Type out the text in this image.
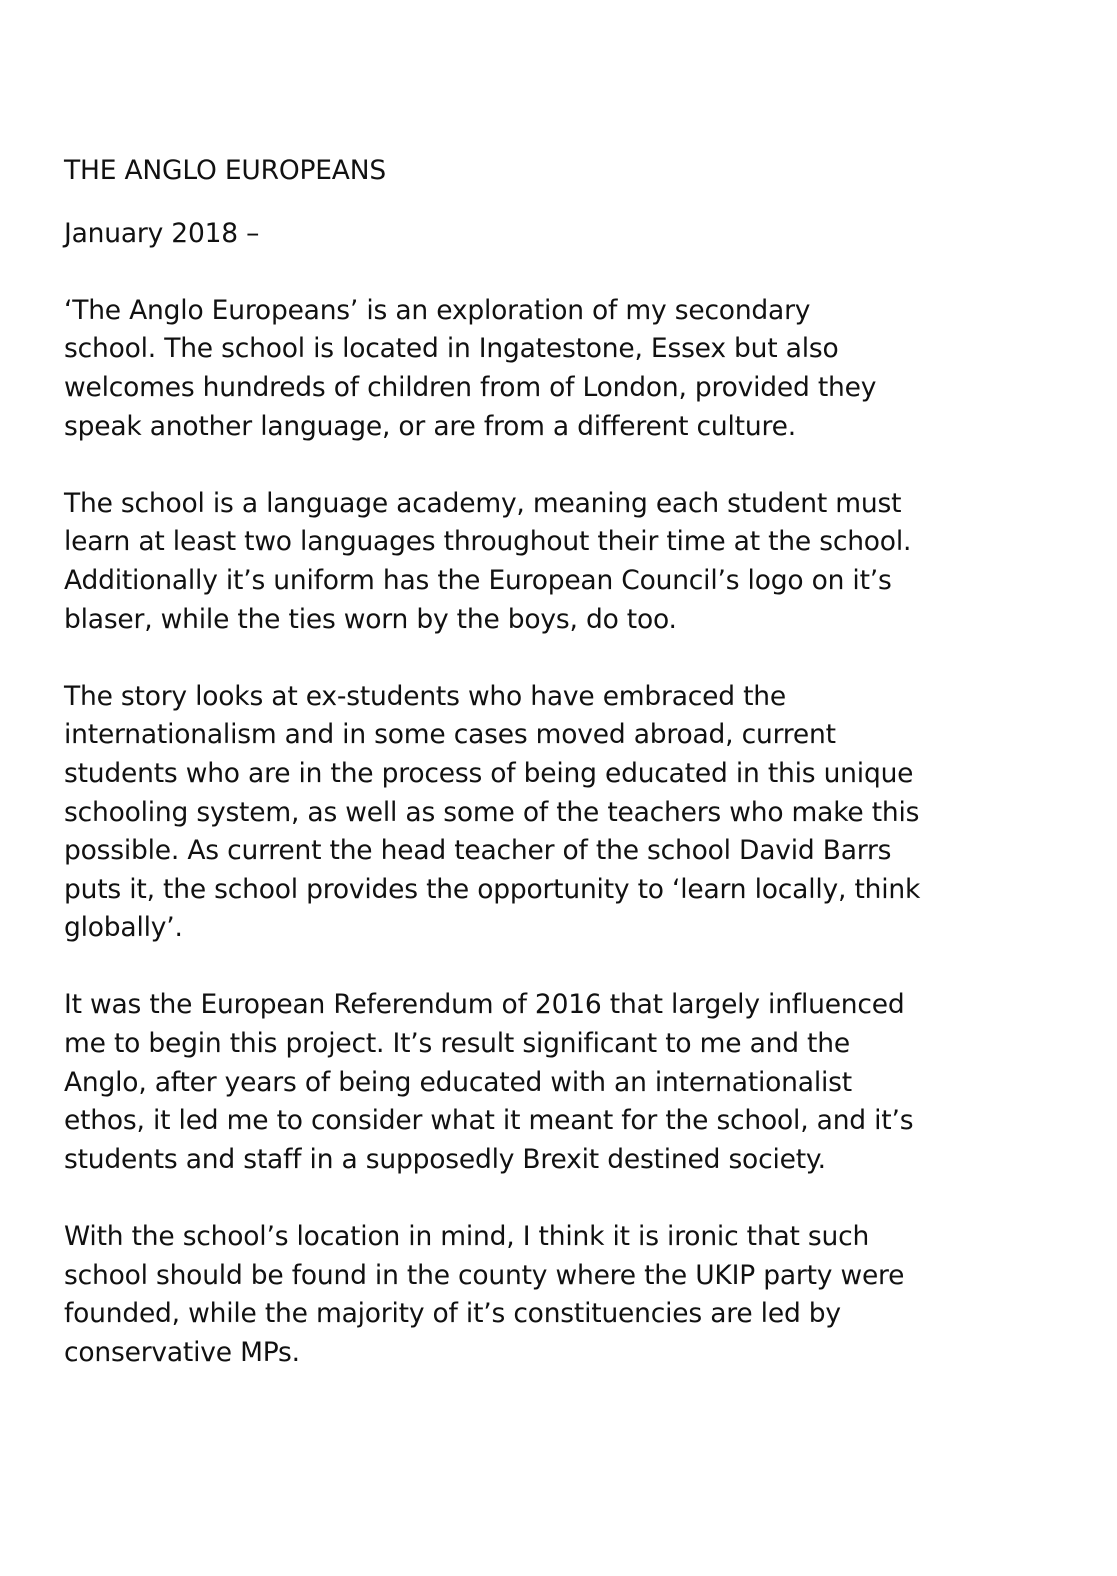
THE ANGLO EUROPEANS
January 2018 –

‘The Anglo Europeans’ is an exploration of my secondary
school. The school is located in Ingatestone, Essex but also
welcomes hundreds of children from of London, provided they
speak another language, or are from a different culture.

The school is a language academy, meaning each student must
learn at least two languages throughout their time at the school.
Additionally it’s uniform has the European Council’s logo on it’s
blaser, while the ties worn by the boys, do too.

The story looks at ex-students who have embraced the
internationalism and in some cases moved abroad, current
students who are in the process of being educated in this unique
schooling system, as well as some of the teachers who make this
possible. As current the head teacher of the school David Barrs
puts it, the school provides the opportunity to ‘learn locally, think
globally’.

It was the European Referendum of 2016 that largely influenced
me to begin this project. It’s result significant to me and the
Anglo, after years of being educated with an internationalist
ethos, it led me to consider what it meant for the school, and it’s
students and staff in a supposedly Brexit destined society.

With the school’s location in mind, I think it is ironic that such
school should be found in the county where the UKIP party were
founded, while the majority of it’s constituencies are led by
conservative MPs.
